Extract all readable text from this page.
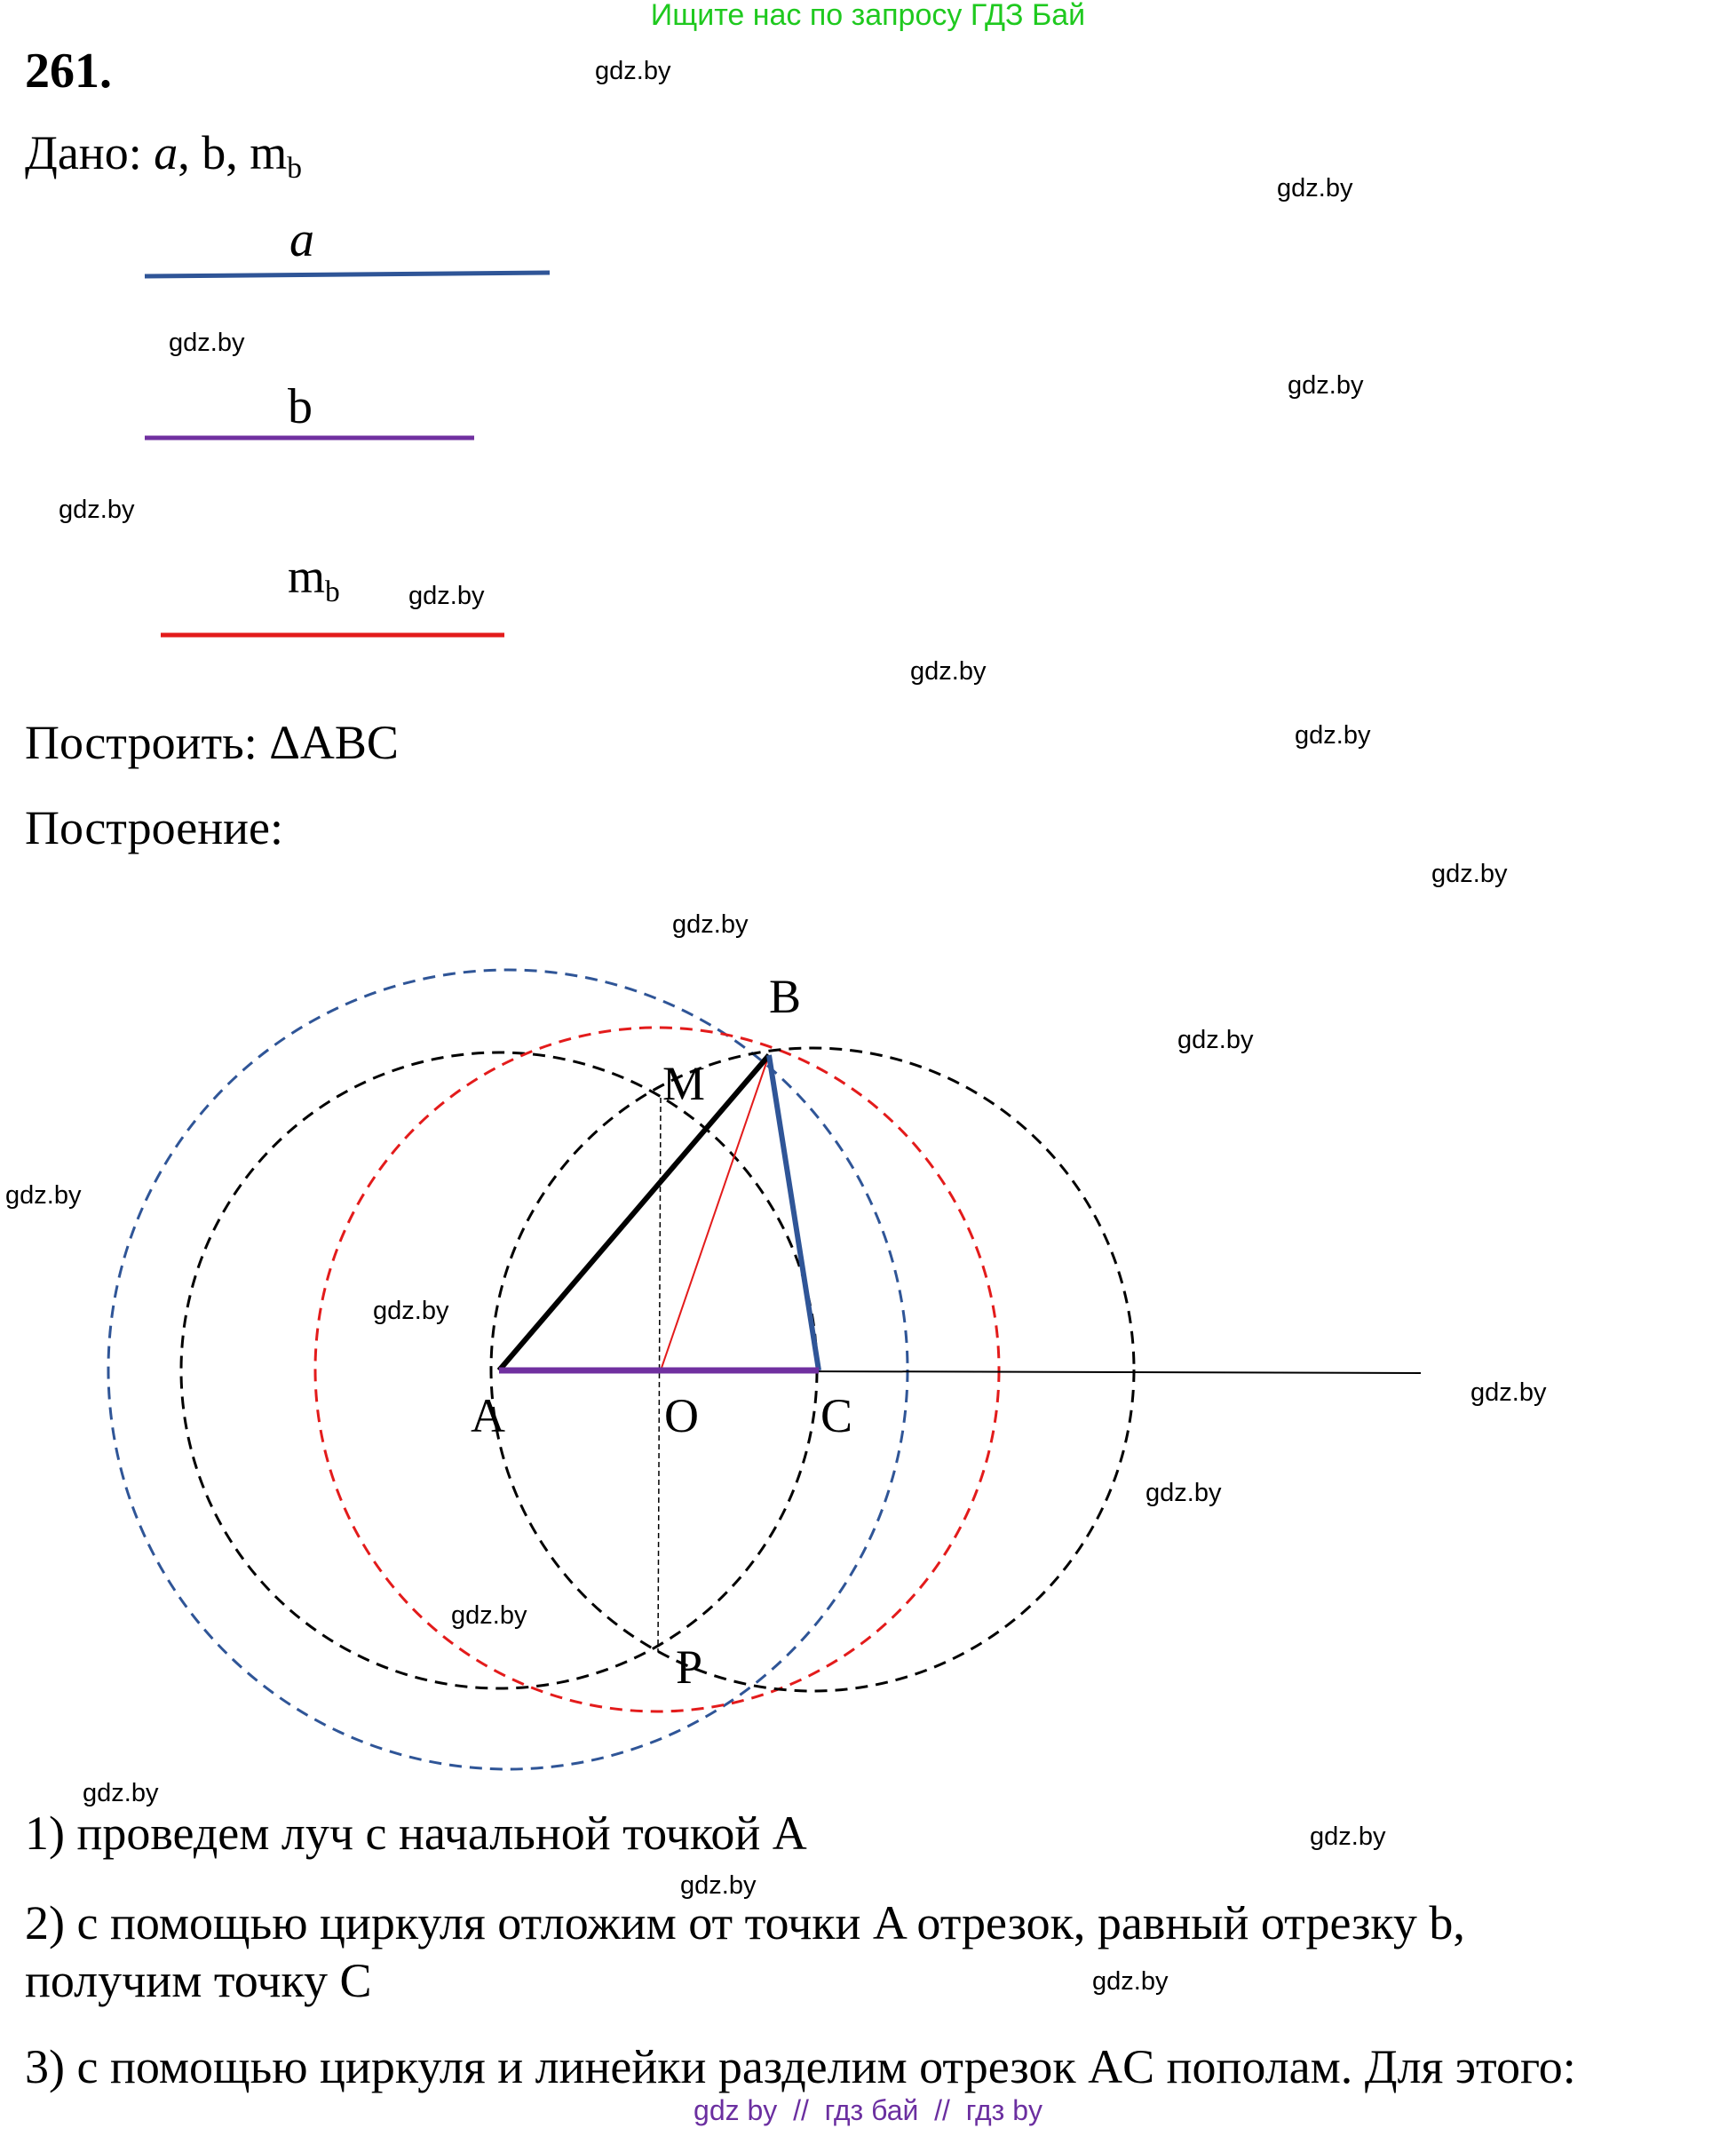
Ищите нас по запросу ГДЗ Бай
261.
Дано: a, b, $m_b$
a
b
$m_b$
Построить: ΔABC
Построение:
B
M
A	O	C
P
1) проведем луч с начальной точкой A
2) с помощью циркуля отложим от точки A отрезок, равный отрезку b,
получим точку C
3) с помощью циркуля и линейки разделим отрезок AC пополам. Для этого:
gdz.by
gdz.by
gdz.by
gdz.by
gdz.by
gdz.by
gdz.by
gdz.by
gdz.by
gdz.by
gdz.by
gdz.by
gdz.by
gdz.by
gdz.by
gdz.by
gdz.by
gdz.by
gdz.by
gdz.by
gdz by  //  гдз бай  //  гдз by
